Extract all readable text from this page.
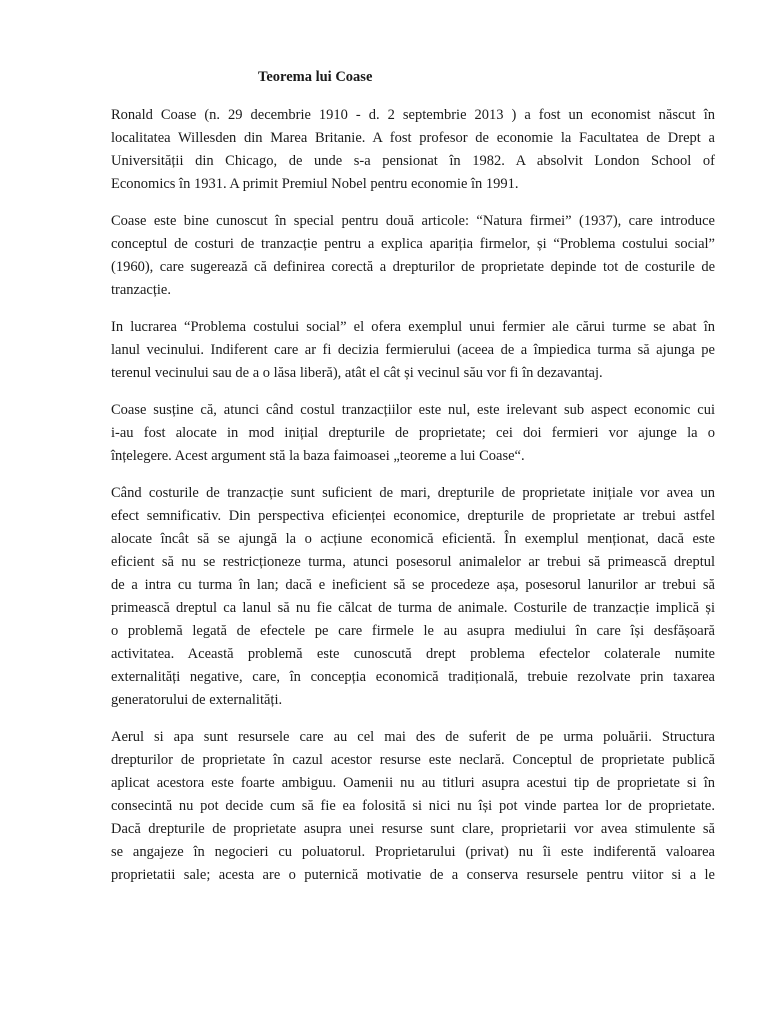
Teorema lui Coase

Ronald Coase (n. 29 decembrie 1910 - d. 2 septembrie 2013 ) a fost un economist născut în
localitatea Willesden din Marea Britanie. A fost profesor de economie la Facultatea de Drept a
Universității din Chicago, de unde s-a pensionat în 1982. A absolvit London School of
Economics în 1931. A primit Premiul Nobel pentru economie în 1991.

Coase este bine cunoscut în special pentru două articole: “Natura firmei” (1937), care introduce
conceptul de costuri de tranzacție pentru a explica apariția firmelor, și “Problema costului social”
(1960), care sugerează că definirea corectă a drepturilor de proprietate depinde tot de costurile de
tranzacție.

In lucrarea “Problema costului social” el ofera exemplul unui fermier ale cărui turme se abat în
lanul vecinului. Indiferent care ar fi decizia fermierului (aceea de a împiedica turma să ajunga pe
terenul vecinului sau de a o lăsa liberă), atât el cât și vecinul său vor fi în dezavantaj.

Coase susține că, atunci când costul tranzacțiilor este nul, este irelevant sub aspect economic cui
i-au fost alocate in mod inițial drepturile de proprietate; cei doi fermieri vor ajunge la o
înțelegere. Acest argument stă la baza faimoasei „teoreme a lui Coase“.

Când costurile de tranzacție sunt suficient de mari, drepturile de proprietate inițiale vor avea un
efect semnificativ. Din perspectiva eficienței economice, drepturile de proprietate ar trebui astfel
alocate încât să se ajungă la o acțiune economică eficientă. În exemplul menționat, dacă este
eficient să nu se restricționeze turma, atunci posesorul animalelor ar trebui să primească dreptul
de a intra cu turma în lan; dacă e ineficient să se procedeze așa, posesorul lanurilor ar trebui să
primească dreptul ca lanul să nu fie călcat de turma de animale. Costurile de tranzacție implică și
o problemă legată de efectele pe care firmele le au asupra mediului în care își desfășoară
activitatea. Această problemă este cunoscută drept problema efectelor colaterale numite
externalități negative, care, în concepția economică tradițională, trebuie rezolvate prin taxarea
generatorului de externalități.

Aerul si apa sunt resursele care au cel mai des de suferit de pe urma poluării. Structura
drepturilor de proprietate în cazul acestor resurse este neclară. Conceptul de proprietate publică
aplicat acestora este foarte ambiguu. Oamenii nu au titluri asupra acestui tip de proprietate si în
consecintă nu pot decide cum să fie ea folosită si nici nu își pot vinde partea lor de proprietate.
Dacă drepturile de proprietate asupra unei resurse sunt clare, proprietarii vor avea stimulente să
se angajeze în negocieri cu poluatorul. Proprietarului (privat) nu îi este indiferentă valoarea
proprietatii sale; acesta are o puternică motivatie de a conserva resursele pentru viitor si a le
